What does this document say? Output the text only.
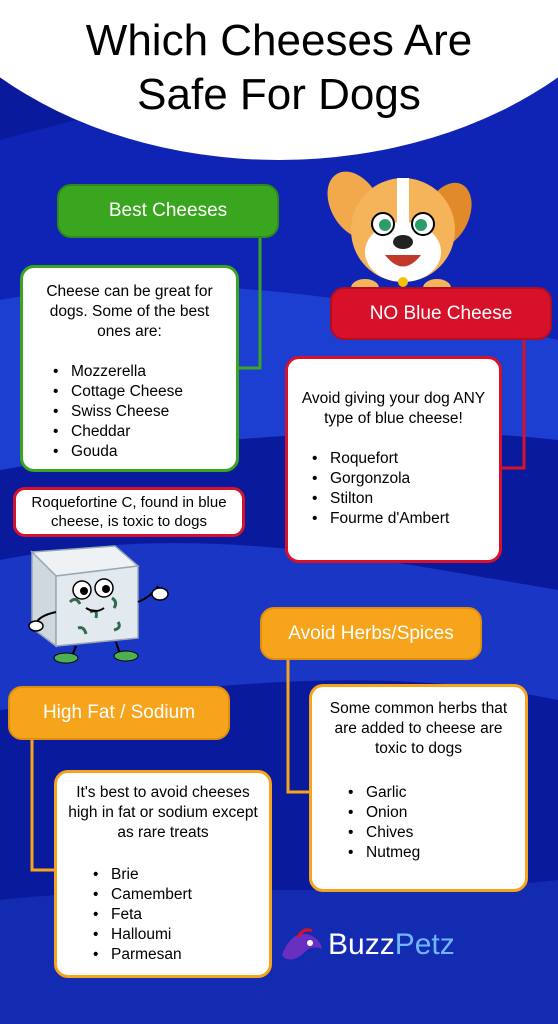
Which Cheeses Are
Safe For Dogs
Best Cheeses
Cheese can be great for dogs. Some of the best ones are:
• Mozzerella
• Cottage Cheese
• Swiss Cheese
• Cheddar
• Gouda
NO Blue Cheese
Avoid giving your dog ANY type of blue cheese!
• Roquefort
• Gorgonzola
• Stilton
• Fourme d'Ambert
Roquefortine C, found in blue cheese, is toxic to dogs
Avoid Herbs/Spices
Some common herbs that are added to cheese are toxic to dogs
• Garlic
• Onion
• Chives
• Nutmeg
High Fat / Sodium
It's best to avoid cheeses high in fat or sodium except as rare treats
• Brie
• Camembert
• Feta
• Halloumi
• Parmesan	Buzz Petz
